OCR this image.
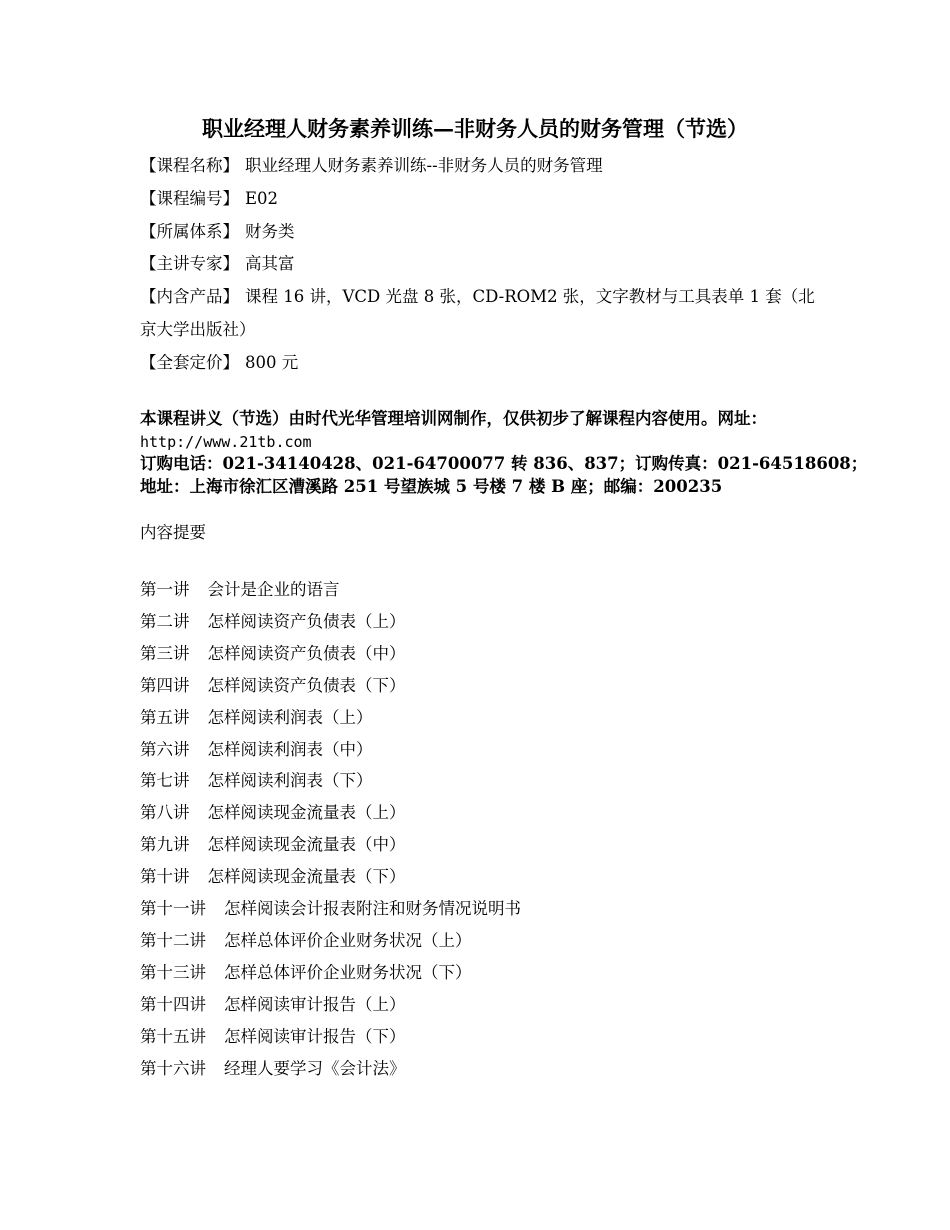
职业经理人财务素养训练—非财务人员的财务管理（节选）
【课程名称】 职业经理人财务素养训练--非财务人员的财务管理
【课程编号】 E02
【所属体系】 财务类
【主讲专家】 高其富
【内含产品】 课程 16 讲，VCD 光盘 8 张，CD-ROM2 张，文字教材与工具表单 1 套（北京大学出版社）
【全套定价】 800 元
本课程讲义（节选）由时代光华管理培训网制作，仅供初步了解课程内容使用。网址：http://www.21tb.com
订购电话：021-34140428、021-64700077 转 836、837；订购传真：021-64518608；
地址：上海市徐汇区漕溪路 251 号望族城 5 号楼 7 楼 B 座；邮编：200235
内容提要
第一讲 会计是企业的语言
第二讲 怎样阅读资产负债表（上）
第三讲 怎样阅读资产负债表（中）
第四讲 怎样阅读资产负债表（下）
第五讲 怎样阅读利润表（上）
第六讲 怎样阅读利润表（中）
第七讲 怎样阅读利润表（下）
第八讲 怎样阅读现金流量表（上）
第九讲 怎样阅读现金流量表（中）
第十讲 怎样阅读现金流量表（下）
第十一讲 怎样阅读会计报表附注和财务情况说明书
第十二讲 怎样总体评价企业财务状况（上）
第十三讲 怎样总体评价企业财务状况（下）
第十四讲 怎样阅读审计报告（上）
第十五讲 怎样阅读审计报告（下）
第十六讲 经理人要学习《会计法》
